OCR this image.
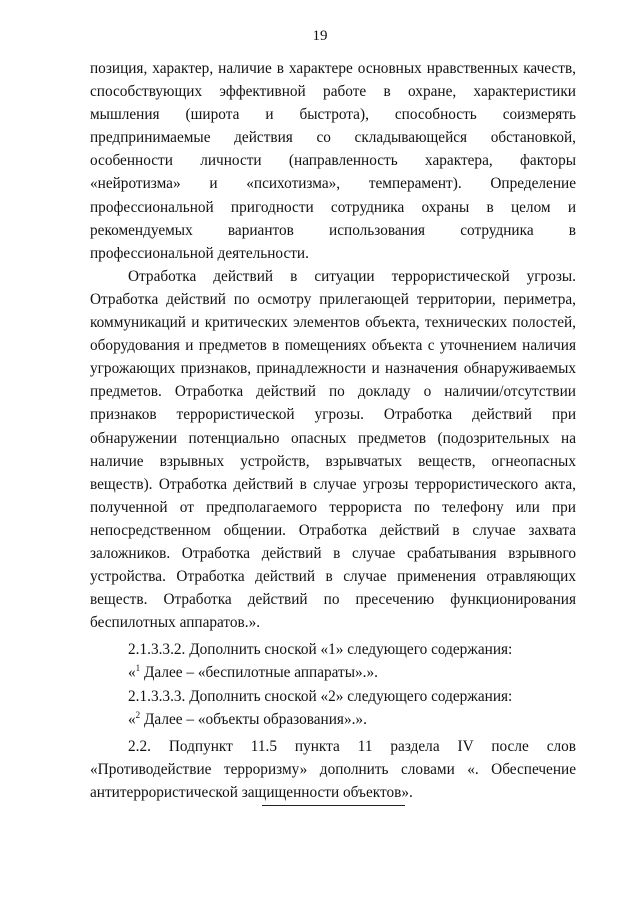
19

позиция, характер, наличие в характере основных нравственных качеств, способствующих эффективной работе в охране, характеристики мышления (широта и быстрота), способность соизмерять предпринимаемые действия со складывающейся обстановкой, особенности личности (направленность характера, факторы «нейротизма» и «психотизма», темперамент). Определение профессиональной пригодности сотрудника охраны в целом и рекомендуемых вариантов использования сотрудника в профессиональной деятельности.

Отработка действий в ситуации террористической угрозы. Отработка действий по осмотру прилегающей территории, периметра, коммуникаций и критических элементов объекта, технических полостей, оборудования и предметов в помещениях объекта с уточнением наличия угрожающих признаков, принадлежности и назначения обнаруживаемых предметов. Отработка действий по докладу о наличии/отсутствии признаков террористической угрозы. Отработка действий при обнаружении потенциально опасных предметов (подозрительных на наличие взрывных устройств, взрывчатых веществ, огнеопасных веществ). Отработка действий в случае угрозы террористического акта, полученной от предполагаемого террориста по телефону или при непосредственном общении. Отработка действий в случае захвата заложников. Отработка действий в случае срабатывания взрывного устройства. Отработка действий в случае применения отравляющих веществ. Отработка действий по пресечению функционирования беспилотных аппаратов.».

2.1.3.3.2. Дополнить сноской «1» следующего содержания:

«$^1$ Далее – «беспилотные аппараты».».

2.1.3.3.3. Дополнить сноской «2» следующего содержания:

«$^2$ Далее – «объекты образования».».

2.2. Подпункт 11.5 пункта 11 раздела IV после слов «Противодействие терроризму» дополнить словами «. Обеспечение антитеррористической защищенности объектов».
